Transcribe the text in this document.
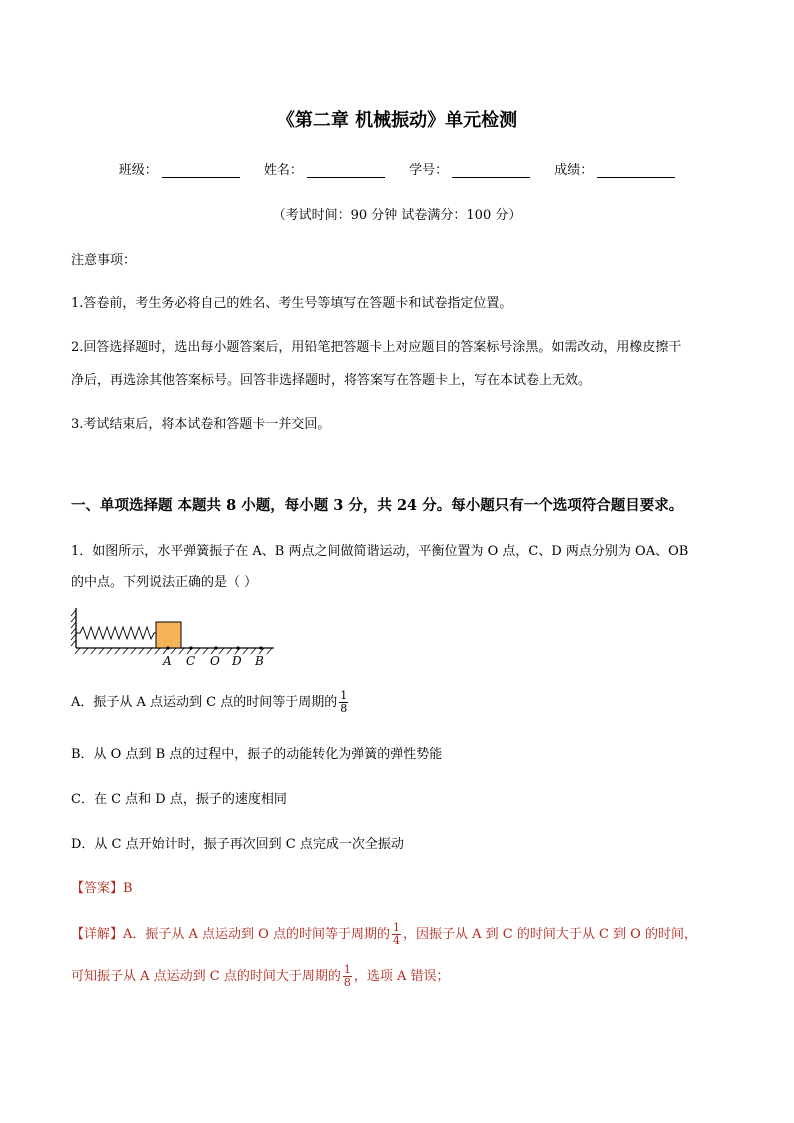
《第二章 机械振动》单元检测
班级：	姓名：	学号：	成绩：
（考试时间：90 分钟 试卷满分：100 分）
注意事项：
1.答卷前，考生务必将自己的姓名、考生号等填写在答题卡和试卷指定位置。
2.回答选择题时，选出每小题答案后，用铅笔把答题卡上对应题目的答案标号涂黑。如需改动，用橡皮擦干
净后，再选涂其他答案标号。回答非选择题时，将答案写在答题卡上，写在本试卷上无效。
3.考试结束后，将本试卷和答题卡一并交回。
一、单项选择题 本题共 8 小题，每小题 3 分，共 24 分。每小题只有一个选项符合题目要求。
1．如图所示，水平弹簧振子在 A、B 两点之间做简谐运动，平衡位置为 O 点，C、D 两点分别为 OA、OB
的中点。下列说法正确的是（ ）
A C O D B
A．振子从 A 点运动到 C 点的时间等于周期的 $\frac{1}{8}$
B．从 O 点到 B 点的过程中，振子的动能转化为弹簧的弹性势能
C．在 C 点和 D 点，振子的速度相同
D．从 C 点开始计时，振子再次回到 C 点完成一次全振动
【答案】B
【详解】A．振子从 A 点运动到 O 点的时间等于周期的 $\frac{1}{4}$ ，因振子从 A 到 C 的时间大于从 C 到 O 的时间，
可知振子从 A 点运动到 C 点的时间大于周期的 $\frac{1}{8}$ ，选项 A 错误；
